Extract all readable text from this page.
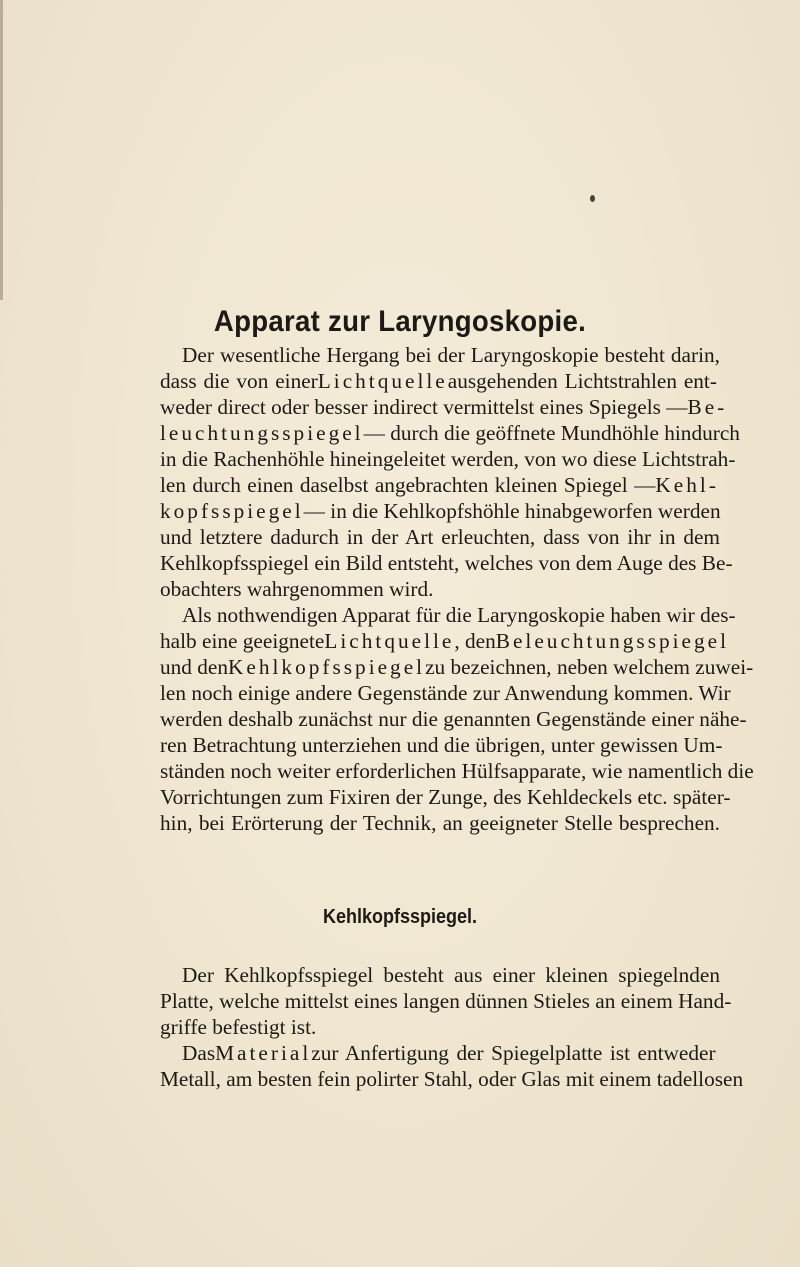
Apparat zur Laryngoskopie.
Der wesentliche Hergang bei der Laryngoskopie besteht darin,
dass die von einerLichtquelleausgehenden Lichtstrahlen ent-
weder direct oder besser indirect vermittelst eines Spiegels —Be-
leuchtungsspiegel— durch die geöffnete Mundhöhle hindurch
in die Rachenhöhle hineingeleitet werden, von wo diese Lichtstrah-
len durch einen daselbst angebrachten kleinen Spiegel —Kehl-
kopfsspiegel— in die Kehlkopfshöhle hinabgeworfen werden
und letztere dadurch in der Art erleuchten, dass von ihr in dem
Kehlkopfsspiegel ein Bild entsteht, welches von dem Auge des Be-
obachters wahrgenommen wird.
Als nothwendigen Apparat für die Laryngoskopie haben wir des-
halb eine geeigneteLichtquelle, denBeleuchtungsspiegel
und denKehlkopfsspiegelzu bezeichnen, neben welchem zuwei-
len noch einige andere Gegenstände zur Anwendung kommen. Wir
werden deshalb zunächst nur die genannten Gegenstände einer nähe-
ren Betrachtung unterziehen und die übrigen, unter gewissen Um-
ständen noch weiter erforderlichen Hülfsapparate, wie namentlich die
Vorrichtungen zum Fixiren der Zunge, des Kehldeckels etc. später-
hin, bei Erörterung der Technik, an geeigneter Stelle besprechen.
Kehlkopfsspiegel.
Der Kehlkopfsspiegel besteht aus einer kleinen spiegelnden
Platte, welche mittelst eines langen dünnen Stieles an einem Hand-
griffe befestigt ist.
DasMaterialzur Anfertigung der Spiegelplatte ist entweder
Metall, am besten fein polirter Stahl, oder Glas mit einem tadellosen
